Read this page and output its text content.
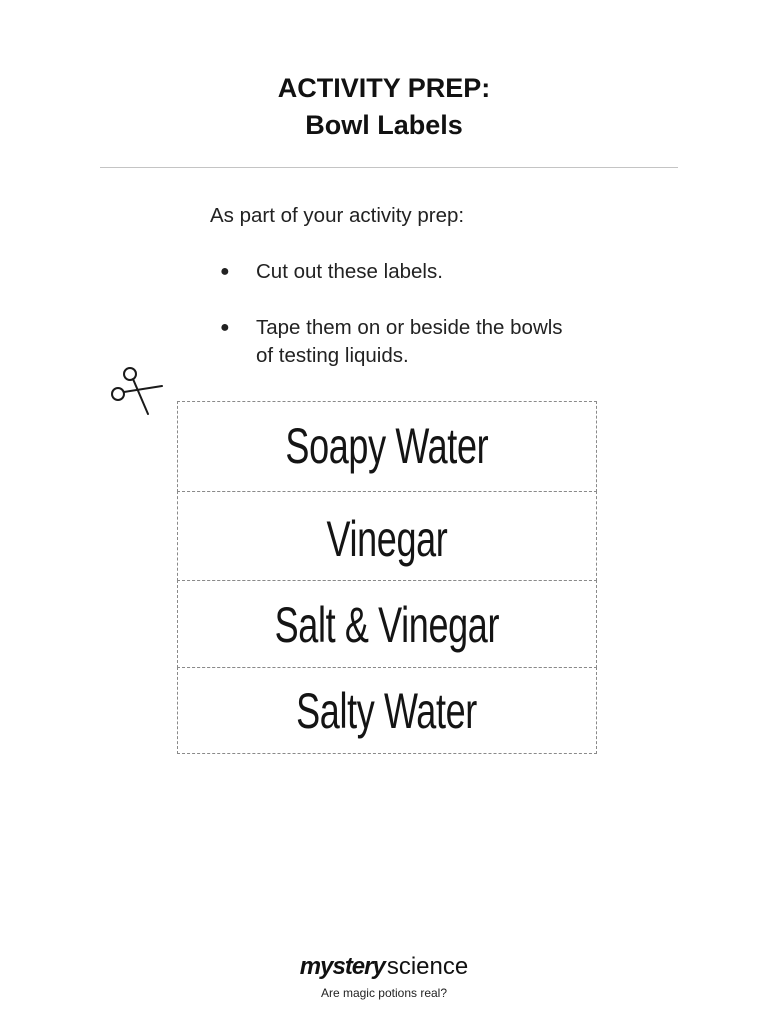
ACTIVITY PREP:
Bowl Labels
As part of your activity prep:
● Cut out these labels.
● Tape them on or beside the bowls of testing liquids.
Soapy Water
Vinegar
Salt & Vinegar
Salty Water
mysteryscience
Are magic potions real?
